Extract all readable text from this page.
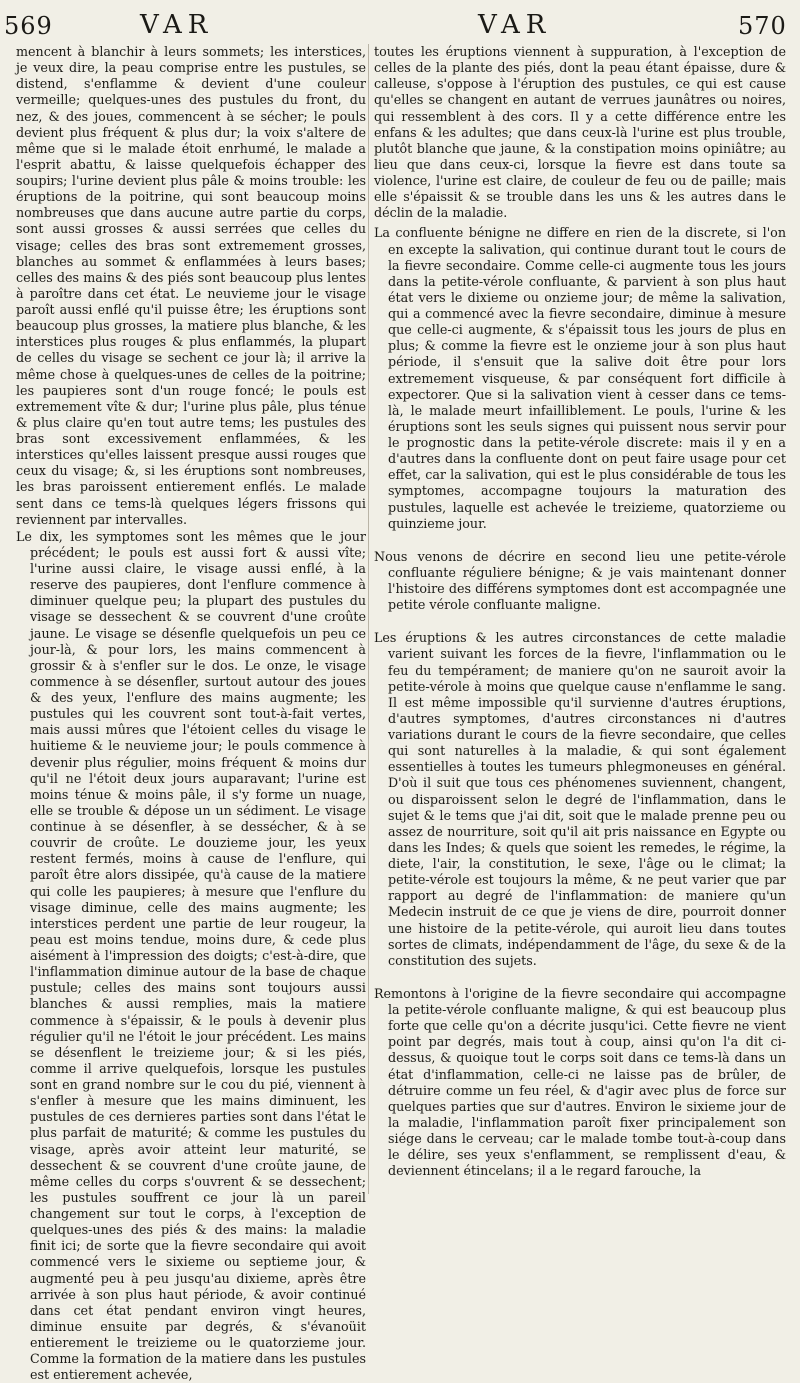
569	VAR	VAR	570

mencent à blanchir à leurs sommets; les interstices, je veux dire, la peau comprise entre les pustules, se distend, s'enflamme & devient d'une couleur vermeille; quelques-unes des pustules du front, du nez, & des joues, commencent à se sécher; le pouls devient plus fréquent & plus dur; la voix s'altere de même que si le malade étoit enrhumé, le malade a l'esprit abattu, & laisse quelquefois échapper des soupirs; l'urine devient plus pâle & moins trouble: les éruptions de la poitrine, qui sont beaucoup moins nombreuses que dans aucune autre partie du corps, sont aussi grosses & aussi serrées que celles du visage; celles des bras sont extremement grosses, blanches au sommet & enflammées à leurs bases; celles des mains & des piés sont beaucoup plus lentes à paroître dans cet état. Le neuvieme jour le visage paroît aussi enflé qu'il puisse être; les éruptions sont beaucoup plus grosses, la matiere plus blanche, & les interstices plus rouges & plus enflammés, la plupart de celles du visage se sechent ce jour là; il arrive la même chose à quelques-unes de celles de la poitrine; les paupieres sont d'un rouge foncé; le pouls est extremement vîte & dur; l'urine plus pâle, plus ténue & plus claire qu'en tout autre tems; les pustules des bras sont excessivement enflammées, & les interstices qu'elles laissent presque aussi rouges que ceux du visage; &, si les éruptions sont nombreuses, les bras paroissent entierement enflés. Le malade sent dans ce tems-là quelques légers frissons qui reviennent par intervalles.

Le dix, les symptomes sont les mêmes que le jour précédent; le pouls est aussi fort & aussi vîte; l'urine aussi claire, le visage aussi enflé, à la reserve des paupieres, dont l'enflure commence à diminuer quelque peu; la plupart des pustules du visage se dessechent & se couvrent d'une croûte jaune. Le visage se désenfle quelquefois un peu ce jour-là, & pour lors, les mains commencent à grossir & à s'enfler sur le dos. Le onze, le visage commence à se désenfler, surtout autour des joues & des yeux, l'enflure des mains augmente; les pustules qui les couvrent sont tout-à-fait vertes, mais aussi mûres que l'étoient celles du visage le huitieme & le neuvieme jour; le pouls commence à devenir plus régulier, moins fréquent & moins dur qu'il ne l'étoit deux jours auparavant; l'urine est moins ténue & moins pâle, il s'y forme un nuage, elle se trouble & dépose un un sédiment. Le visage continue à se désenfler, à se dessécher, & à se couvrir de croûte. Le douzieme jour, les yeux restent fermés, moins à cause de l'enflure, qui paroît être alors dissipée, qu'à cause de la matiere qui colle les paupieres; à mesure que l'enflure du visage diminue, celle des mains augmente; les interstices perdent une partie de leur rougeur, la peau est moins tendue, moins dure, & cede plus aisément à l'impression des doigts; c'est-à-dire, que l'inflammation diminue autour de la base de chaque pustule; celles des mains sont toujours aussi blanches & aussi remplies, mais la matiere commence à s'épaissir, & le pouls à devenir plus régulier qu'il ne l'étoit le jour précédent. Les mains se désenflent le treizieme jour; & si les piés, comme il arrive quelquefois, lorsque les pustules sont en grand nombre sur le cou du pié, viennent à s'enfler à mesure que les mains diminuent, les pustules de ces dernieres parties sont dans l'état le plus parfait de maturité; & comme les pustules du visage, après avoir atteint leur maturité, se dessechent & se couvrent d'une croûte jaune, de même celles du corps s'ouvrent & se dessechent; les pustules souffrent ce jour là un pareil changement sur tout le corps, à l'exception de quelques-unes des piés & des mains: la maladie finit ici; de sorte que la fievre secondaire qui avoit commencé vers le sixieme ou septieme jour, & augmenté peu à peu jusqu'au dixieme, après être arrivée à son plus haut période, & avoir continué dans cet état pendant environ vingt heures, diminue ensuite par degrés, & s'évanoüit entierement le treizieme ou le quatorzieme jour. Comme la formation de la matiere dans les pustules est entierement achevée,

toutes les éruptions viennent à suppuration, à l'exception de celles de la plante des piés, dont la peau étant épaisse, dure & calleuse, s'oppose à l'éruption des pustules, ce qui est cause qu'elles se changent en autant de verrues jaunâtres ou noires, qui ressemblent à des cors. Il y a cette différence entre les enfans & les adultes; que dans ceux-là l'urine est plus trouble, plutôt blanche que jaune, & la constipation moins opiniâtre; au lieu que dans ceux-ci, lorsque la fievre est dans toute sa violence, l'urine est claire, de couleur de feu ou de paille; mais elle s'épaissit & se trouble dans les uns & les autres dans le déclin de la maladie.

La confluente bénigne ne differe en rien de la discrete, si l'on en excepte la salivation, qui continue durant tout le cours de la fievre secondaire. Comme celle-ci augmente tous les jours dans la petite-vérole confluante, & parvient à son plus haut état vers le dixieme ou onzieme jour; de même la salivation, qui a commencé avec la fievre secondaire, diminue à mesure que celle-ci augmente, & s'épaissit tous les jours de plus en plus; & comme la fievre est le onzieme jour à son plus haut période, il s'ensuit que la salive doit être pour lors extremement visqueuse, & par conséquent fort difficile à expectorer. Que si la salivation vient à cesser dans ce tems-là, le malade meurt infailliblement. Le pouls, l'urine & les éruptions sont les seuls signes qui puissent nous servir pour le prognostic dans la petite-vérole discrete: mais il y en a d'autres dans la confluente dont on peut faire usage pour cet effet, car la salivation, qui est le plus considérable de tous les symptomes, accompagne toujours la maturation des pustules, laquelle est achevée le treizieme, quatorzieme ou quinzieme jour.

Nous venons de décrire en second lieu une petite-vérole confluante réguliere bénigne; & je vais maintenant donner l'histoire des différens symptomes dont est accompagnée une petite vérole confluante maligne.

Les éruptions & les autres circonstances de cette maladie varient suivant les forces de la fievre, l'inflammation ou le feu du tempérament; de maniere qu'on ne sauroit avoir la petite-vérole à moins que quelque cause n'enflamme le sang. Il est même impossible qu'il survienne d'autres éruptions, d'autres symptomes, d'autres circonstances ni d'autres variations durant le cours de la fievre secondaire, que celles qui sont naturelles à la maladie, & qui sont également essentielles à toutes les tumeurs phlegmoneuses en général. D'où il suit que tous ces phénomenes suviennent, changent, ou disparoissent selon le degré de l'inflammation, dans le sujet & le tems que j'ai dit, soit que le malade prenne peu ou assez de nourriture, soit qu'il ait pris naissance en Egypte ou dans les Indes; & quels que soient les remedes, le régime, la diete, l'air, la constitution, le sexe, l'âge ou le climat; la petite-vérole est toujours la même, & ne peut varier que par rapport au degré de l'inflammation: de maniere qu'un Medecin instruit de ce que je viens de dire, pourroit donner une histoire de la petite-vérole, qui auroit lieu dans toutes sortes de climats, indépendamment de l'âge, du sexe & de la constitution des sujets.

Remontons à l'origine de la fievre secondaire qui accompagne la petite-vérole confluante maligne, & qui est beaucoup plus forte que celle qu'on a décrite jusqu'ici. Cette fievre ne vient point par degrés, mais tout à coup, ainsi qu'on l'a dit ci-dessus, & quoique tout le corps soit dans ce tems-là dans un état d'inflammation, celle-ci ne laisse pas de brûler, de détruire comme un feu réel, & d'agir avec plus de force sur quelques parties que sur d'autres. Environ le sixieme jour de la maladie, l'inflammation paroît fixer principalement son siége dans le cerveau; car le malade tombe tout-à-coup dans le délire, ses yeux s'enflamment, se remplissent d'eau, & deviennent étincelans; il a le regard farouche, la
